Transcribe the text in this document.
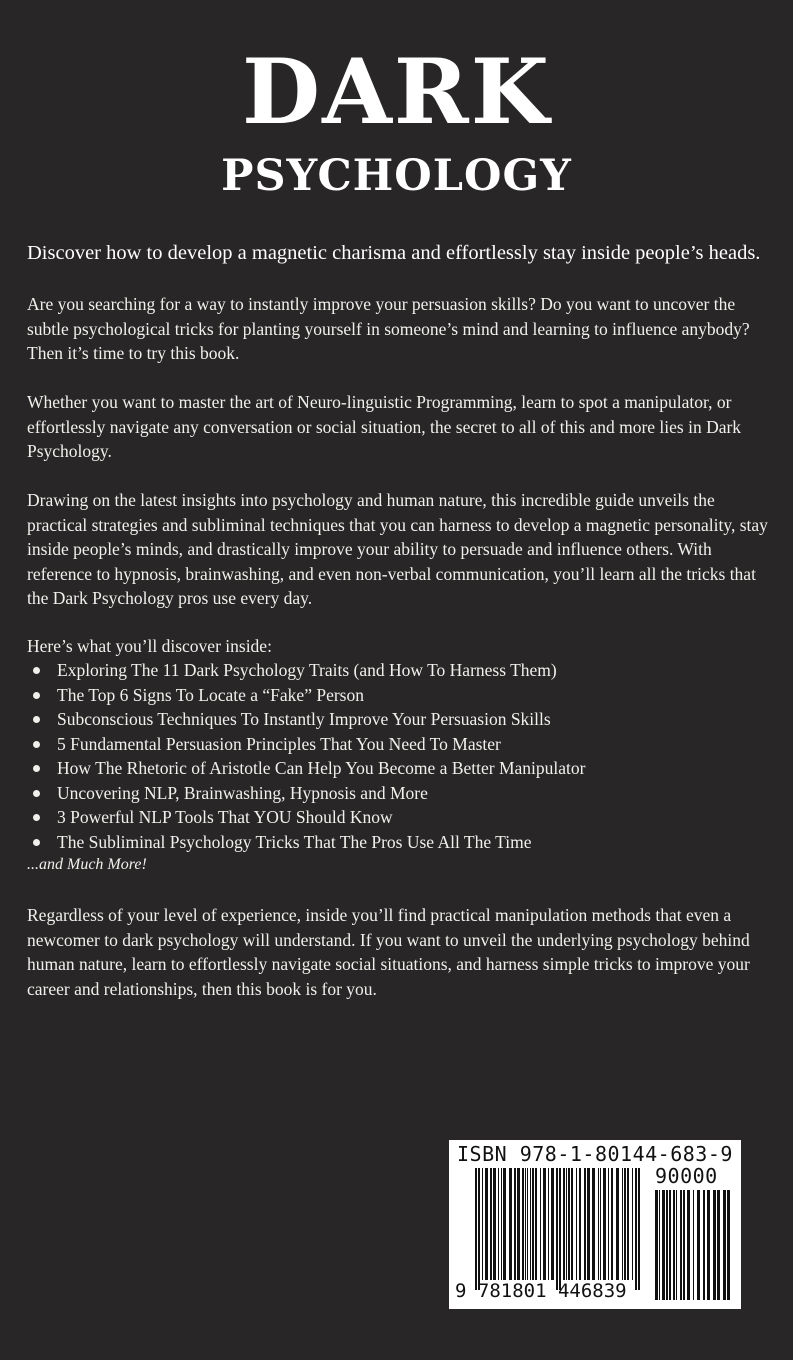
DARK
PSYCHOLOGY
Discover how to develop a magnetic charisma and effortlessly stay inside people’s heads.

Are you searching for a way to instantly improve your persuasion skills? Do you want to uncover the subtle psychological tricks for planting yourself in someone’s mind and learning to influence anybody? Then it’s time to try this book.

Whether you want to master the art of Neuro-linguistic Programming, learn to spot a manipulator, or effortlessly navigate any conversation or social situation, the secret to all of this and more lies in Dark Psychology.

Drawing on the latest insights into psychology and human nature, this incredible guide unveils the practical strategies and subliminal techniques that you can harness to develop a magnetic personality, stay inside people’s minds, and drastically improve your ability to persuade and influence others. With reference to hypnosis, brainwashing, and even non-verbal communication, you’ll learn all the tricks that the Dark Psychology pros use every day.

Here’s what you’ll discover inside:

Exploring The 11 Dark Psychology Traits (and How To Harness Them)
The Top 6 Signs To Locate a “Fake” Person
Subconscious Techniques To Instantly Improve Your Persuasion Skills
5 Fundamental Persuasion Principles That You Need To Master
How The Rhetoric of Aristotle Can Help You Become a Better Manipulator
Uncovering NLP, Brainwashing, Hypnosis and More
3 Powerful NLP Tools That YOU Should Know
The Subliminal Psychology Tricks That The Pros Use All The Time
...and Much More!

Regardless of your level of experience, inside you’ll find practical manipulation methods that even a newcomer to dark psychology will understand. If you want to unveil the underlying psychology behind human nature, learn to effortlessly navigate social situations, and harness simple tricks to improve your career and relationships, then this book is for you.

ISBN 978-1-80144-683-9
90000
9 781801 446839
